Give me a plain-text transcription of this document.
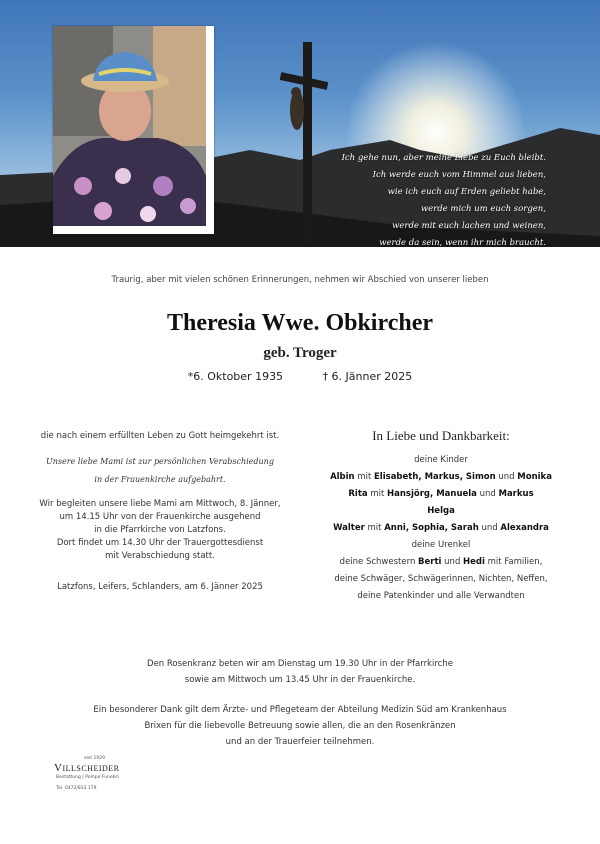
Ich gehe nun, aber meine Liebe zu Euch bleibt.
Ich werde euch vom Himmel aus lieben,
wie ich euch auf Erden geliebt habe,
werde mich um euch sorgen,
werde mit euch lachen und weinen,
werde da sein, wenn ihr mich braucht.
Traurig, aber mit vielen schönen Erinnerungen, nehmen wir Abschied von unserer lieben
Theresia Wwe. Obkircher
geb. Troger
*6. Oktober 1935	† 6. Jänner 2025
die nach einem erfüllten Leben zu Gott heimgekehrt ist.
Unsere liebe Mami ist zur persönlichen Verabschiedung
in der Frauenkirche aufgebahrt.
Wir begleiten unsere liebe Mami am Mittwoch, 8. Jänner,
um 14.15 Uhr von der Frauenkirche ausgehend
in die Pfarrkirche von Latzfons.
Dort findet um 14.30 Uhr der Trauergottesdienst
mit Verabschiedung statt.
Latzfons, Leifers, Schlanders, am 6. Jänner 2025
In Liebe und Dankbarkeit:
deine Kinder
Albin mit Elisabeth, Markus, Simon und Monika
Rita mit Hansjörg, Manuela und Markus
Helga
Walter mit Anni, Sophia, Sarah und Alexandra
deine Urenkel
deine Schwestern Berti und Hedi mit Familien,
deine Schwäger, Schwägerinnen, Nichten, Neffen,
deine Patenkinder und alle Verwandten
Den Rosenkranz beten wir am Dienstag um 19.30 Uhr in der Pfarrkirche
sowie am Mittwoch um 13.45 Uhr in der Frauenkirche.
Ein besonderer Dank gilt dem Ärzte- und Pflegeteam der Abteilung Medizin Süd am Krankenhaus
Brixen für die liebevolle Betreuung sowie allen, die an den Rosenkränzen
und an der Trauerfeier teilnehmen.
seit 1929
Villscheider
Bestattung | Pompe Funebri
Tel. 0472/833 179
